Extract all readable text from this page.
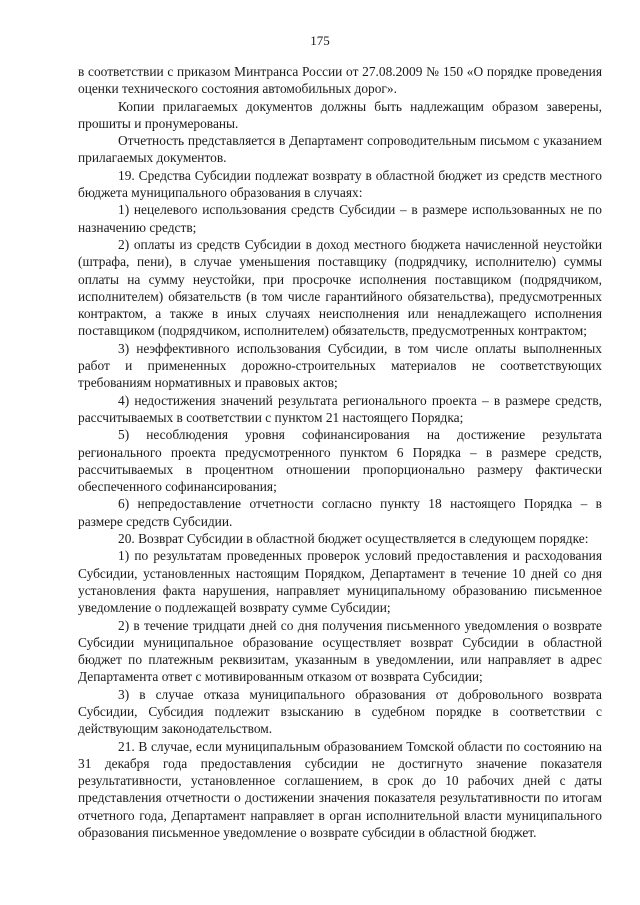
175

в соответствии с приказом Минтранса России от 27.08.2009 № 150 «О порядке проведения оценки технического состояния автомобильных дорог».

Копии прилагаемых документов должны быть надлежащим образом заверены, прошиты и пронумерованы.

Отчетность представляется в Департамент сопроводительным письмом с указанием прилагаемых документов.

19. Средства Субсидии подлежат возврату в областной бюджет из средств местного бюджета муниципального образования в случаях:

1) нецелевого использования средств Субсидии – в размере использованных не по назначению средств;

2) оплаты из средств Субсидии в доход местного бюджета начисленной неустойки (штрафа, пени), в случае уменьшения поставщику (подрядчику, исполнителю) суммы оплаты на сумму неустойки, при просрочке исполнения поставщиком (подрядчиком, исполнителем) обязательств (в том числе гарантийного обязательства), предусмотренных контрактом, а также в иных случаях неисполнения или ненадлежащего исполнения поставщиком (подрядчиком, исполнителем) обязательств, предусмотренных контрактом;

3) неэффективного использования Субсидии, в том числе оплаты выполненных работ и примененных дорожно-строительных материалов не соответствующих требованиям нормативных и правовых актов;

4) недостижения значений результата регионального проекта – в размере средств, рассчитываемых в соответствии с пунктом 21 настоящего Порядка;

5) несоблюдения уровня софинансирования на достижение результата регионального проекта предусмотренного пунктом 6 Порядка – в размере средств, рассчитываемых в процентном отношении пропорционально размеру фактически обеспеченного софинансирования;

6) непредоставление отчетности согласно пункту 18 настоящего Порядка – в размере средств Субсидии.

20. Возврат Субсидии в областной бюджет осуществляется в следующем порядке:

1) по результатам проведенных проверок условий предоставления и расходования Субсидии, установленных настоящим Порядком, Департамент в течение 10 дней со дня установления факта нарушения, направляет муниципальному образованию письменное уведомление о подлежащей возврату сумме Субсидии;

2) в течение тридцати дней со дня получения письменного уведомления о возврате Субсидии муниципальное образование осуществляет возврат Субсидии в областной бюджет по платежным реквизитам, указанным в уведомлении, или направляет в адрес Департамента ответ с мотивированным отказом от возврата Субсидии;

3) в случае отказа муниципального образования от добровольного возврата Субсидии, Субсидия подлежит взысканию в судебном порядке в соответствии с действующим законодательством.

21. В случае, если муниципальным образованием Томской области по состоянию на 31 декабря года предоставления субсидии не достигнуто значение показателя результативности, установленное соглашением, в срок до 10 рабочих дней с даты представления отчетности о достижении значения показателя результативности по итогам отчетного года, Департамент направляет в орган исполнительной власти муниципального образования письменное уведомление о возврате субсидии в областной бюджет.
